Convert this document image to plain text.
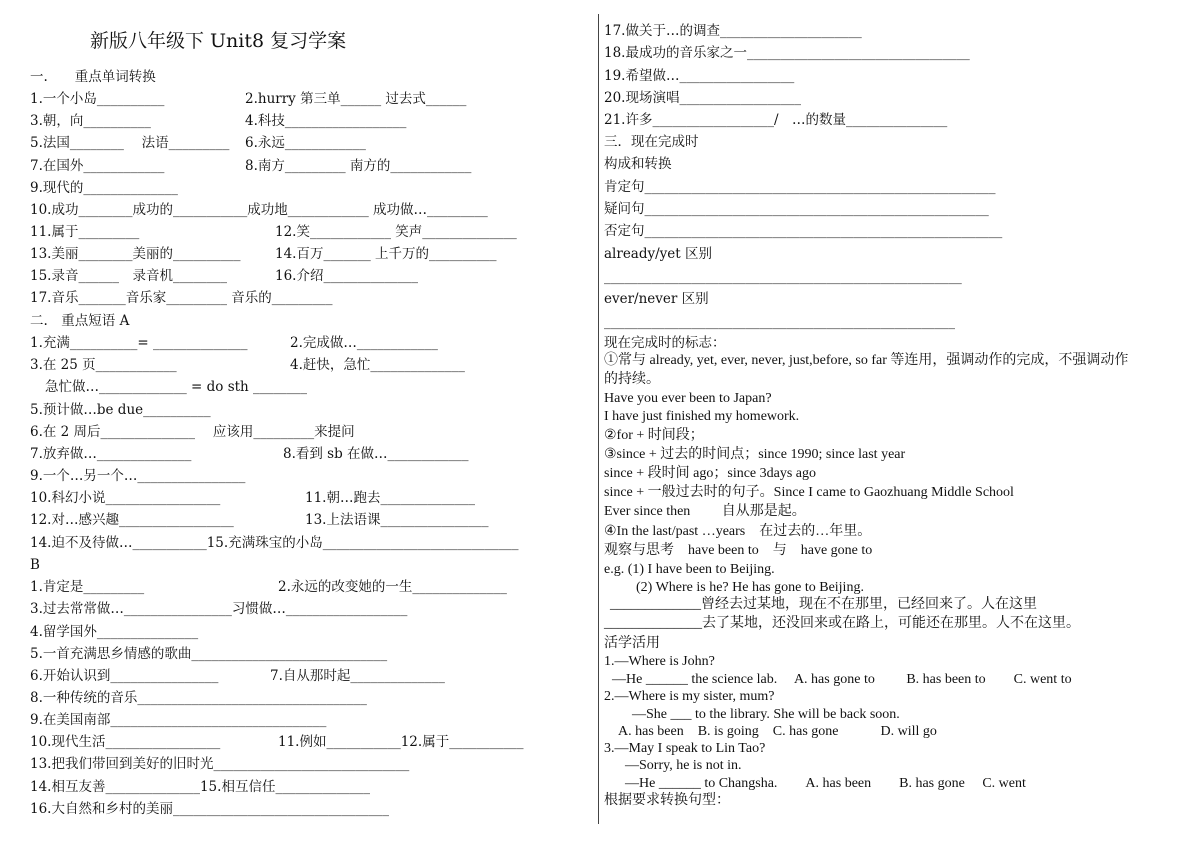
新版八年级下 Unit8 复习学案
一.　　重点单词转换
1.一个小岛__________	2.hurry 第三单______ 过去式______
3.朝，向__________	4.科技__________________
5.法国________　 法语_________ 6.永远____________
7.在国外____________	8.南方_________ 南方的____________
9.现代的______________
10.成功________成功的___________成功地____________ 成功做…_________
11.属于_________	12.笑____________ 笑声______________
13.美丽________美丽的__________	14.百万_______ 上千万的__________
15.录音______　录音机________	16.介绍______________
17.音乐_______音乐家_________ 音乐的_________
二.　重点短语 A
1.充满__________= ______________	2.完成做…____________
3.在 25 页____________	4.赶快，急忙______________
急忙做…_____________ = do sth ________
5.预计做…be due__________
6.在 2 周后______________　 应该用_________来提问
7.放弃做…______________	8.看到 sb 在做…____________
9.一个…另一个…________________
10.科幻小说_________________	11.朝…跑去______________
12.对…感兴趣_________________	13.上法语课________________
14.迫不及待做…___________15.充满珠宝的小岛_____________________________
B
1.肯定是_________	2.永远的改变她的一生______________
3.过去常常做…________________习惯做…__________________
4.留学国外_______________
5.一首充满思乡情感的歌曲_____________________________
6.开始认识到________________	7.自从那时起______________
8.一种传统的音乐__________________________________
9.在美国南部________________________________
10.现代生活_________________	11.例如___________12.属于___________
13.把我们带回到美好的旧时光_____________________________
14.相互友善______________15.相互信任______________
16.大自然和乡村的美丽________________________________
17.做关于…的调查_____________________
18.最成功的音乐家之一_________________________________
19.希望做…_________________
20.现场演唱__________________
21.许多__________________/　…的数量_______________
三．现在完成时
构成和转换
肯定句____________________________________________________
疑问句___________________________________________________
否定句_____________________________________________________
already/yet 区别
_____________________________________________________
ever/never 区别
____________________________________________________
现在完成时的标志：
①常与 already, yet, ever, never, just,before, so far 等连用，强调动作的完成，不强调动作
的持续。
Have you ever been to Japan?
I have just finished my homework.
②for + 时间段；
③since + 过去的时间点；since 1990; since last year
since + 段时间 ago；since 3days ago
since + 一般过去时的句子。Since I came to Gaozhuang Middle School
Ever since then　　 自从那是起。
④In the last/past …years　在过去的…年里。
观察与思考　have been to　与　have gone to
e.g. (1) I have been to Beijing.
(2) Where is he? He has gone to Beijing.
_____________曾经去过某地，现在不在那里，已经回来了。人在这里
______________去了某地，还没回来或在路上，可能还在那里。人不在这里。
活学活用
1.—Where is John?
—He ______ the science lab.　 A. has gone to　　 B. has been to　　C. went to
2.—Where is my sister, mum?
—She ___ to the library. She will be back soon.
A. has been　B. is going　C. has gone　　　D. will go
3.—May I speak to Lin Tao?
—Sorry, he is not in.
—He ______ to Changsha.　　A. has been　　B. has gone　 C. went
根据要求转换句型：
